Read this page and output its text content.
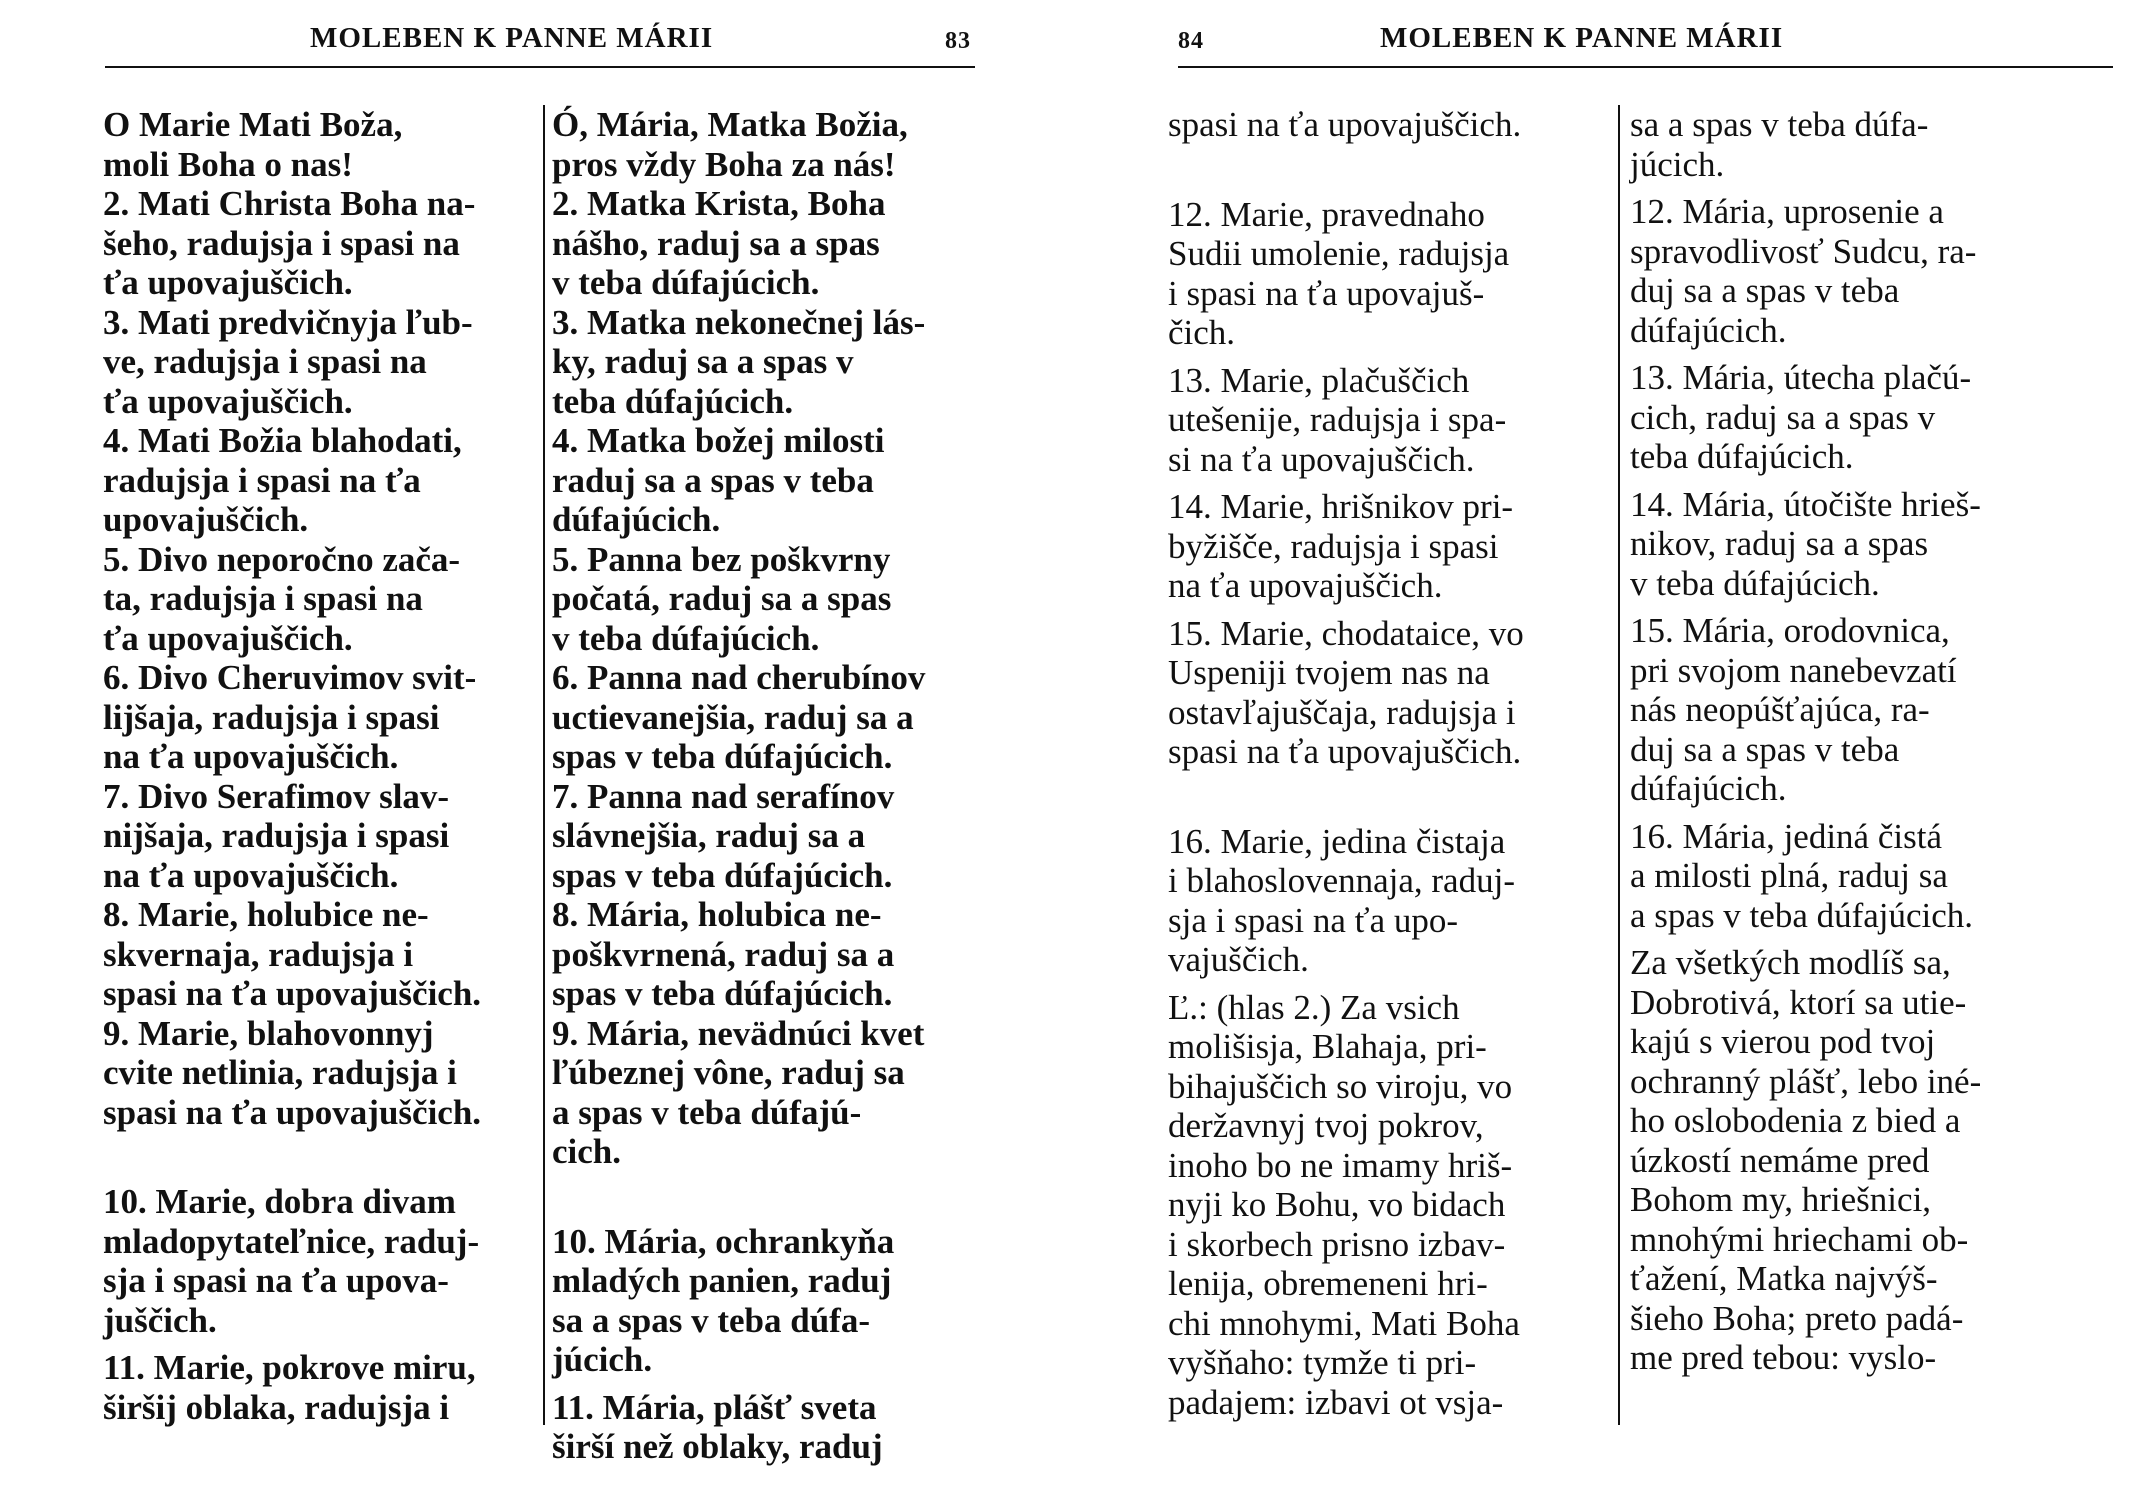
MOLEBEN K PANNE MÁRII	83
O Marie Mati Boža,
moli Boha o nas!
2. Mati Christa Boha na-
šeho, radujsja i spasi na
ťa upovajuščich.
3. Mati predvičnyja ľub-
ve, radujsja i spasi na
ťa upovajuščich.
4. Mati Božia blahodati,
radujsja i spasi na ťa
upovajuščich.
5. Divo neporočno zača-
ta, radujsja i spasi na
ťa upovajuščich.
6. Divo Cheruvimov svit-
lijšaja, radujsja i spasi
na ťa upovajuščich.
7. Divo Serafimov slav-
nijšaja, radujsja i spasi
na ťa upovajuščich.
8. Marie, holubice ne-
skvernaja, radujsja i
spasi na ťa upovajuščich.
9. Marie, blahovonnyj
cvite netlinia, radujsja i
spasi na ťa upovajuščich.
10. Marie, dobra divam
mladopytateľnice, raduj-
sja i spasi na ťa upova-
juščich.
11. Marie, pokrove miru,
širšij oblaka, radujsja i
Ó, Mária, Matka Božia,
pros vždy Boha za nás!
2. Matka Krista, Boha
nášho, raduj sa a spas
v teba dúfajúcich.
3. Matka nekonečnej lás-
ky, raduj sa a spas v
teba dúfajúcich.
4. Matka božej milosti
raduj sa a spas v teba
dúfajúcich.
5. Panna bez poškvrny
počatá, raduj sa a spas
v teba dúfajúcich.
6. Panna nad cherubínov
uctievanejšia, raduj sa a
spas v teba dúfajúcich.
7. Panna nad serafínov
slávnejšia, raduj sa a
spas v teba dúfajúcich.
8. Mária, holubica ne-
poškvrnená, raduj sa a
spas v teba dúfajúcich.
9. Mária, nevädnúci kvet
ľúbeznej vône, raduj sa
a spas v teba dúfajú-
cich.
10. Mária, ochrankyňa
mladých panien, raduj
sa a spas v teba dúfa-
júcich.
11. Mária, plášť sveta
širší než oblaky, raduj
84	MOLEBEN K PANNE MÁRII
spasi na ťa upovajuščich.
12. Marie, pravednaho
Sudii umolenie, radujsja
i spasi na ťa upovajuš-
čich.
13. Marie, plačuščich
utešenije, radujsja i spa-
si na ťa upovajuščich.
14. Marie, hrišnikov pri-
byžišče, radujsja i spasi
na ťa upovajuščich.
15. Marie, chodataice, vo
Uspeniji tvojem nas na
ostavľajuščaja, radujsja i
spasi na ťa upovajuščich.
16. Marie, jedina čistaja
i blahoslovennaja, raduj-
sja i spasi na ťa upo-
vajuščich.
Ľ.: (hlas 2.) Za vsich
molišisja, Blahaja, pri-
bihajuščich so viroju, vo
deržavnyj tvoj pokrov,
inoho bo ne imamy hriš-
nyji ko Bohu, vo bidach
i skorbech prisno izbav-
lenija, obremeneni hri-
chi mnohymi, Mati Boha
vyšňaho: tymže ti pri-
padajem: izbavi ot vsja-
sa a spas v teba dúfa-
júcich.
12. Mária, uprosenie a
spravodlivosť Sudcu, ra-
duj sa a spas v teba
dúfajúcich.
13. Mária, útecha plačú-
cich, raduj sa a spas v
teba dúfajúcich.
14. Mária, útočište hrieš-
nikov, raduj sa a spas
v teba dúfajúcich.
15. Mária, orodovnica,
pri svojom nanebevzatí
nás neopúšťajúca, ra-
duj sa a spas v teba
dúfajúcich.
16. Mária, jediná čistá
a milosti plná, raduj sa
a spas v teba dúfajúcich.
Za všetkých modlíš sa,
Dobrotivá, ktorí sa utie-
kajú s vierou pod tvoj
ochranný plášť, lebo iné-
ho oslobodenia z bied a
úzkostí nemáme pred
Bohom my, hriešnici,
mnohými hriechami ob-
ťažení, Matka najvýš-
šieho Boha; preto padá-
me pred tebou: vyslo-
